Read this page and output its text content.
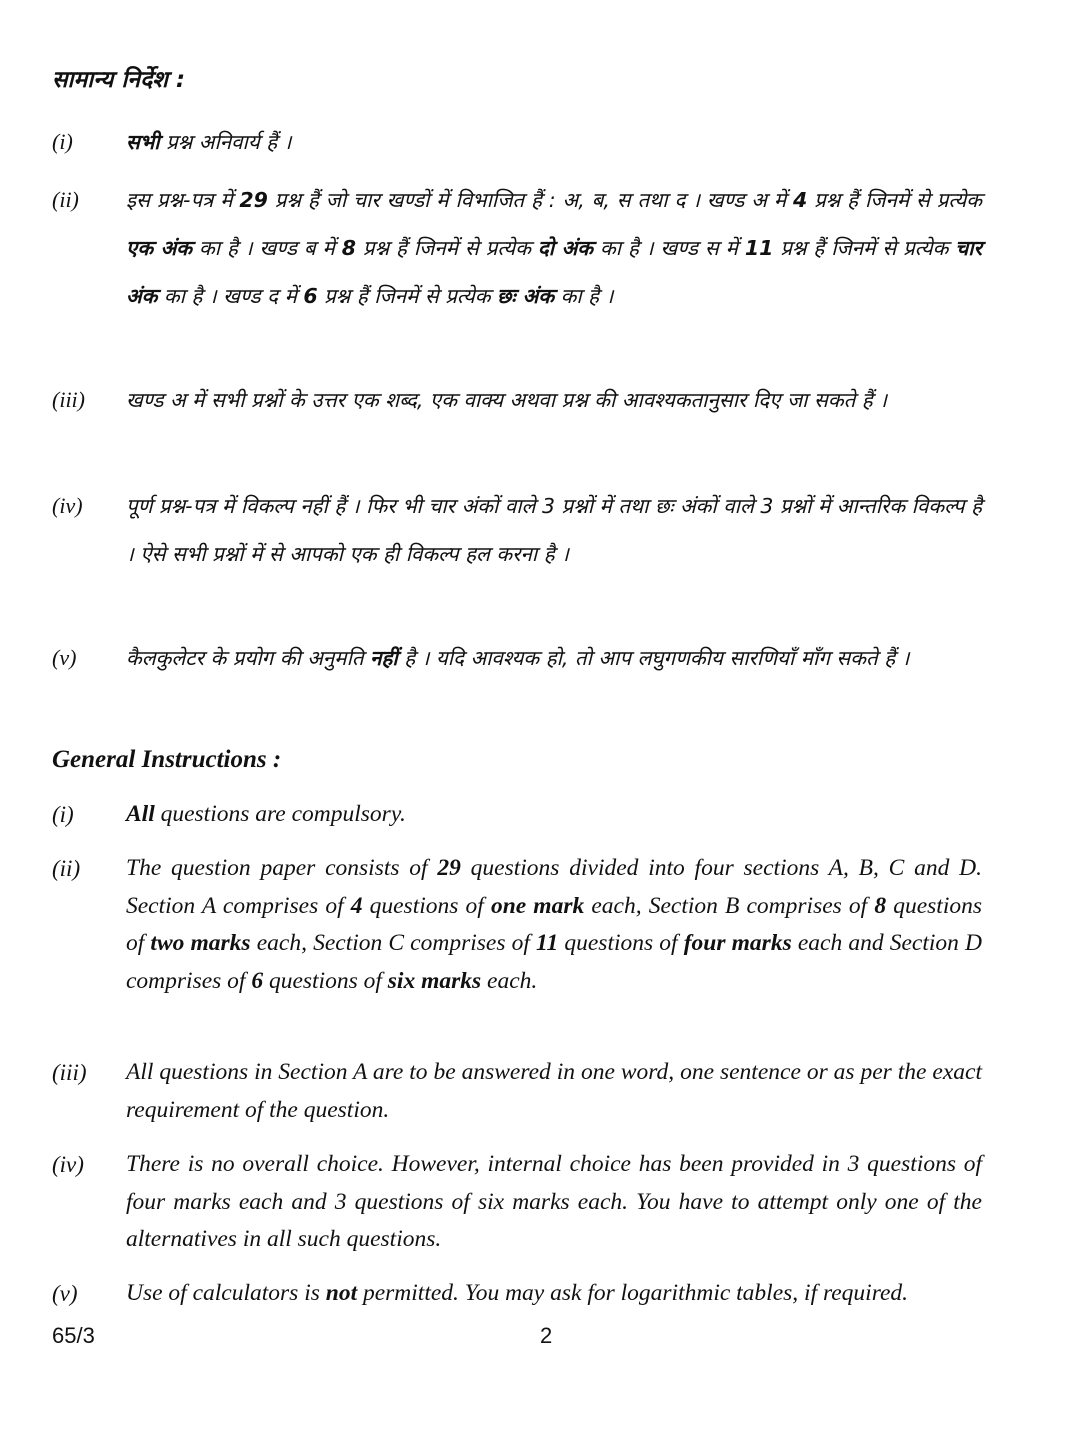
सामान्य निर्देश :
(i)	सभी प्रश्न अनिवार्य हैं ।
(ii) इस प्रश्न-पत्र में 29 प्रश्न हैं जो चार खण्डों में विभाजित हैं : अ, ब, स तथा द । खण्ड अ में 4 प्रश्न हैं जिनमें से प्रत्येक एक अंक का है । खण्ड ब में 8 प्रश्न हैं जिनमें से प्रत्येक दो अंक का है । खण्ड स में 11 प्रश्न हैं जिनमें से प्रत्येक चार अंक का है । खण्ड द में 6 प्रश्न हैं जिनमें से प्रत्येक छः अंक का है ।
(iii) खण्ड अ में सभी प्रश्नों के उत्तर एक शब्द, एक वाक्य अथवा प्रश्न की आवश्यकतानुसार दिए जा सकते हैं ।
(iv) पूर्ण प्रश्न-पत्र में विकल्प नहीं हैं । फिर भी चार अंकों वाले 3 प्रश्नों में तथा छः अंकों वाले 3 प्रश्नों में आन्तरिक विकल्प है । ऐसे सभी प्रश्नों में से आपको एक ही विकल्प हल करना है ।
(v) कैलकुलेटर के प्रयोग की अनुमति नहीं है । यदि आवश्यक हो, तो आप लघुगणकीय सारणियाँ माँग सकते हैं ।
General Instructions :
(i) All questions are compulsory.
(ii) The question paper consists of 29 questions divided into four sections A, B, C and D. Section A comprises of 4 questions of one mark each, Section B comprises of 8 questions of two marks each, Section C comprises of 11 questions of four marks each and Section D comprises of 6 questions of six marks each.
(iii) All questions in Section A are to be answered in one word, one sentence or as per the exact requirement of the question.
(iv) There is no overall choice. However, internal choice has been provided in 3 questions of four marks each and 3 questions of six marks each. You have to attempt only one of the alternatives in all such questions.
(v) Use of calculators is not permitted. You may ask for logarithmic tables, if required.
65/3	2
